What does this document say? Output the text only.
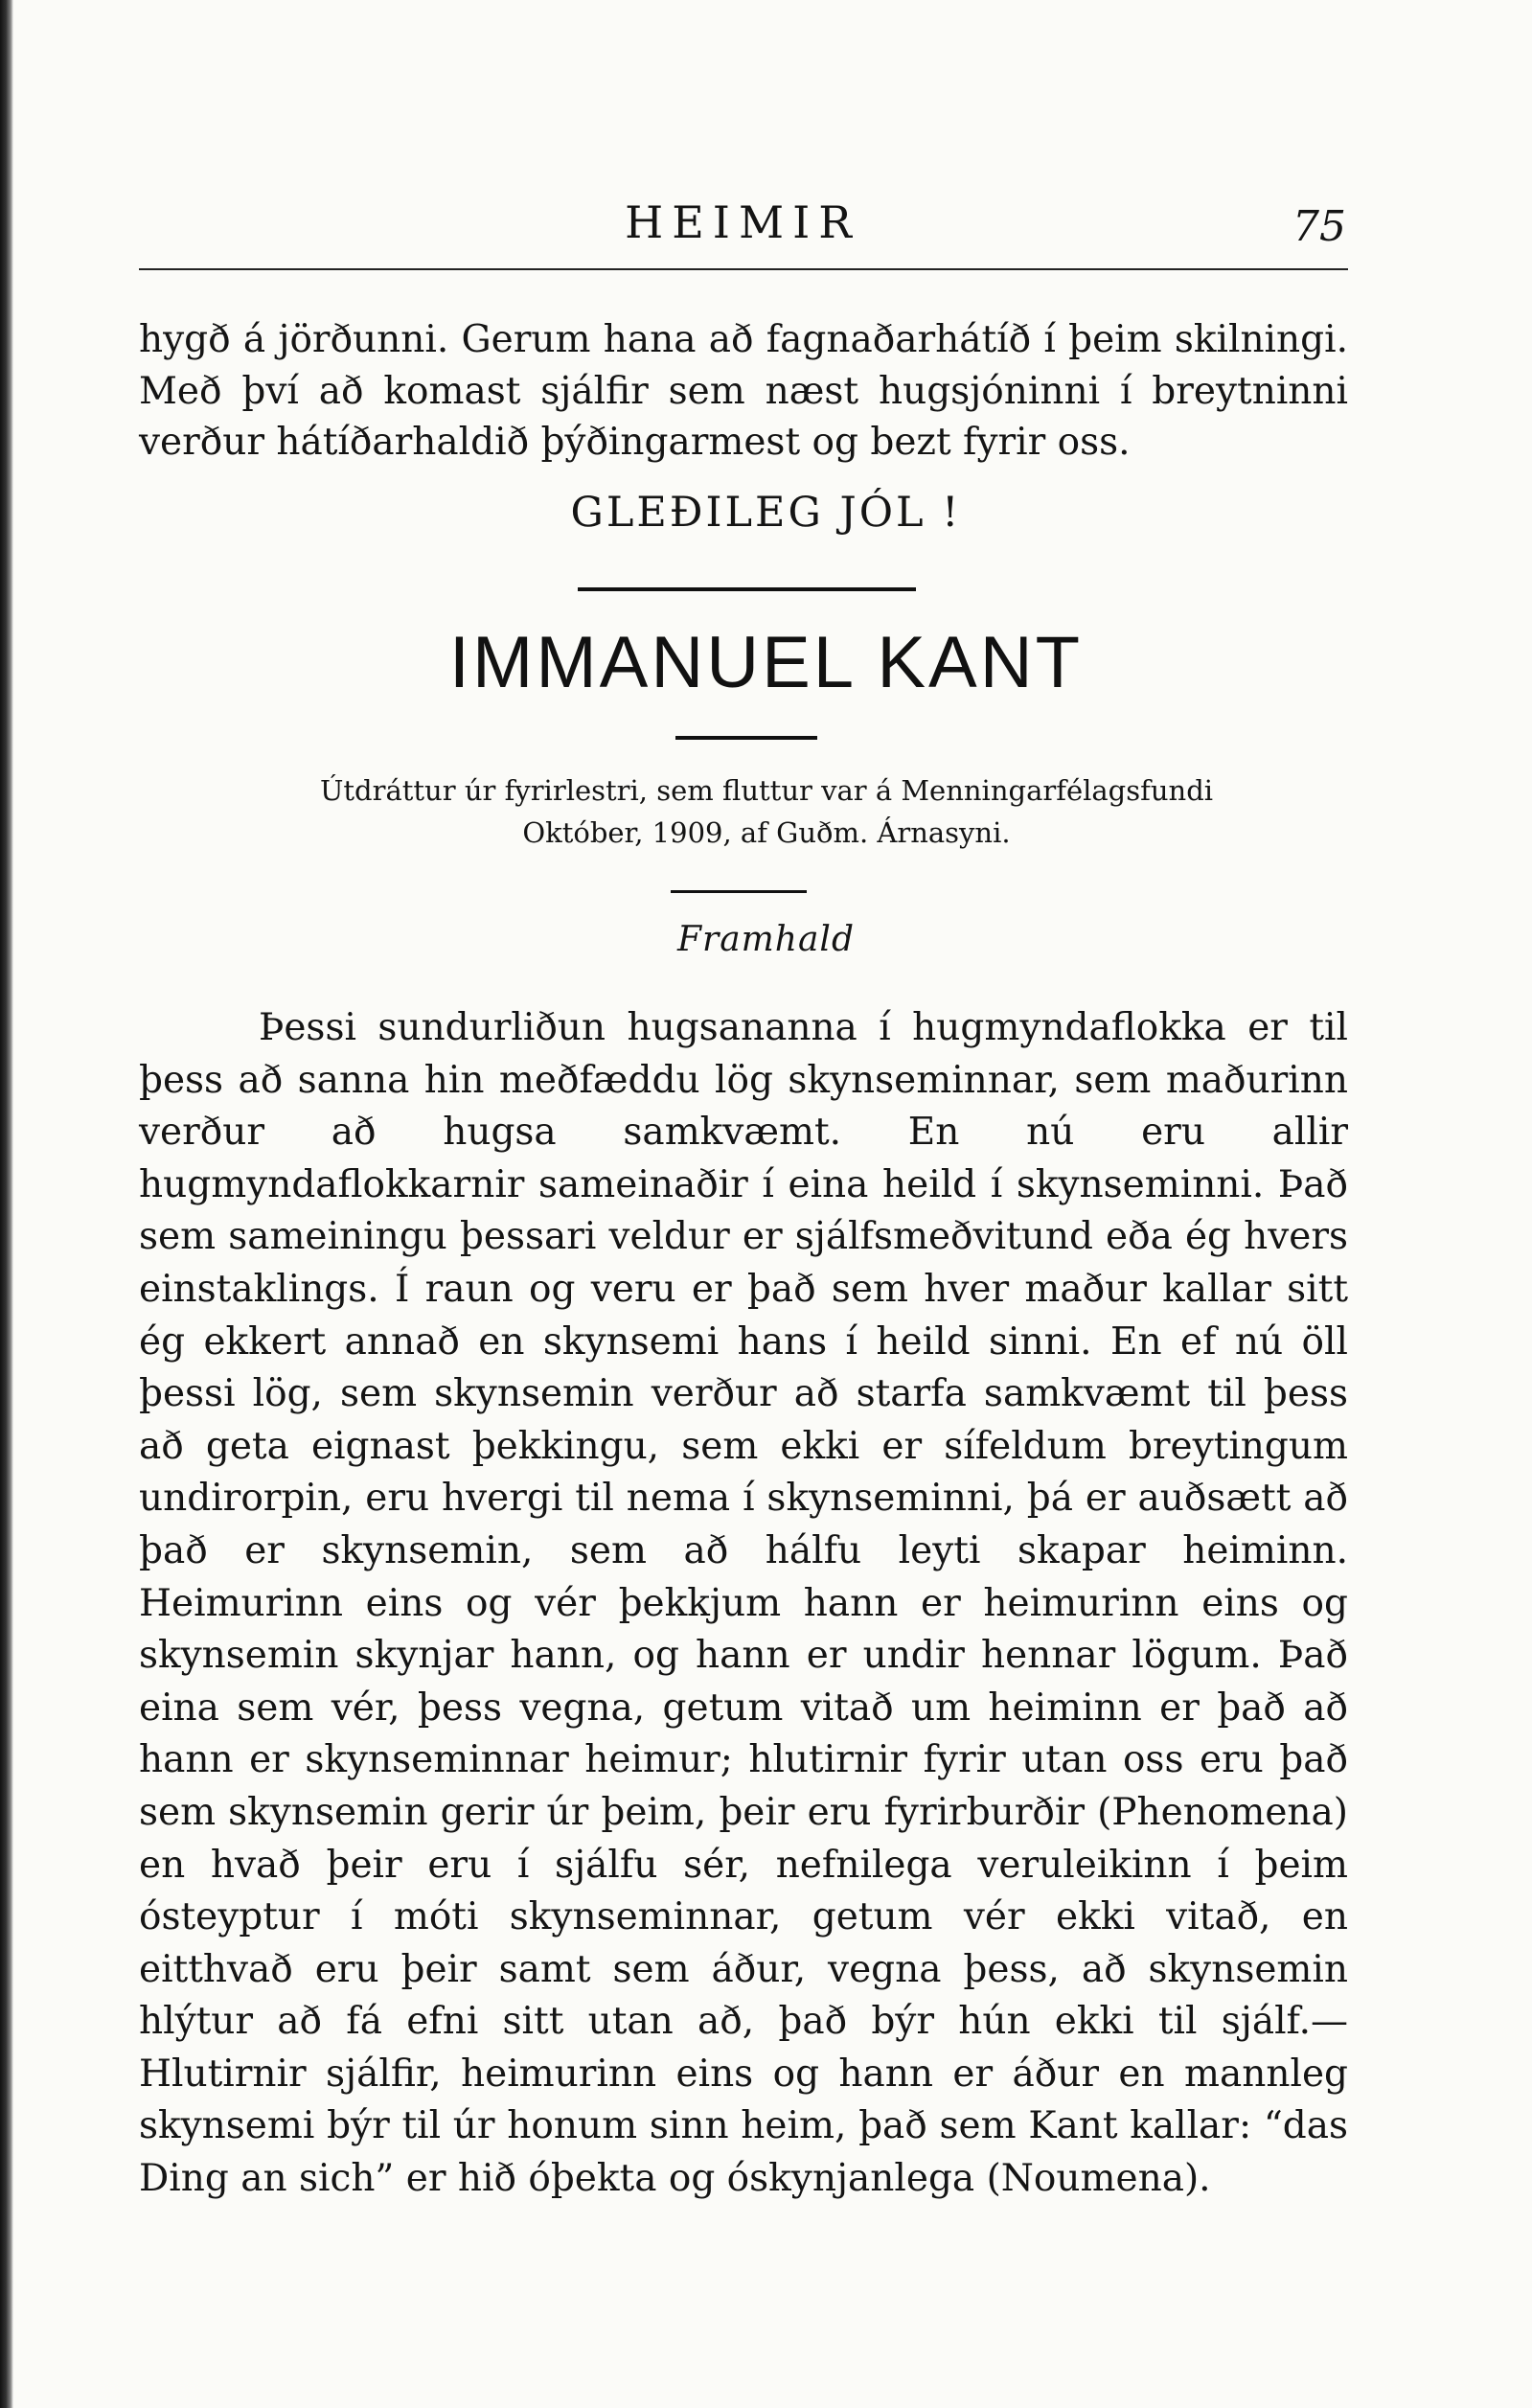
HEIMIR	75

hygð á jörðunni. Gerum hana að fagnaðarhátíð í þeim skilningi. Með því að komast sjálfir sem næst hugsjóninni í breytninni verður hátíðarhaldið þýðingarmest og bezt fyrir oss.

GLEÐILEG JÓL !
IMMANUEL KANT
Útdráttur úr fyrirlestri, sem fluttur var á Menningarfélagsfundi
Október, 1909, af Guðm. Árnasyni.
Framhald

Þessi sundurliðun hugsananna í hugmyndaflokka er til þess að sanna hin meðfæddu lög skynseminnar, sem maðurinn verður að hugsa samkvæmt. En nú eru allir hugmyndaflokkarnir sameinaðir í eina heild í skynseminni. Það sem sameiningu þessari veldur er sjálfsmeðvitund eða ég hvers einstaklings. Í raun og veru er það sem hver maður kallar sitt ég ekkert annað en skynsemi hans í heild sinni. En ef nú öll þessi lög, sem skynsemin verður að starfa samkvæmt til þess að geta eignast þekkingu, sem ekki er sífeldum breytingum undirorpin, eru hvergi til nema í skynseminni, þá er auðsætt að það er skynsemin, sem að hálfu leyti skapar heiminn. Heimurinn eins og vér þekkjum hann er heimurinn eins og skynsemin skynjar hann, og hann er undir hennar lögum. Það eina sem vér, þess vegna, getum vitað um heiminn er það að hann er skynseminnar heimur; hlutirnir fyrir utan oss eru það sem skynsemin gerir úr þeim, þeir eru fyrirburðir (Phenomena) en hvað þeir eru í sjálfu sér, nefnilega veruleikinn í þeim ósteyptur í móti skynseminnar, getum vér ekki vitað, en eitthvað eru þeir samt sem áður, vegna þess, að skynsemin hlýtur að fá efni sitt utan að, það býr hún ekki til sjálf.—Hlutirnir sjálfir, heimurinn eins og hann er áður en mannleg skynsemi býr til úr honum sinn heim, það sem Kant kallar: “das Ding an sich” er hið óþekta og óskynjanlega (Noumena).
